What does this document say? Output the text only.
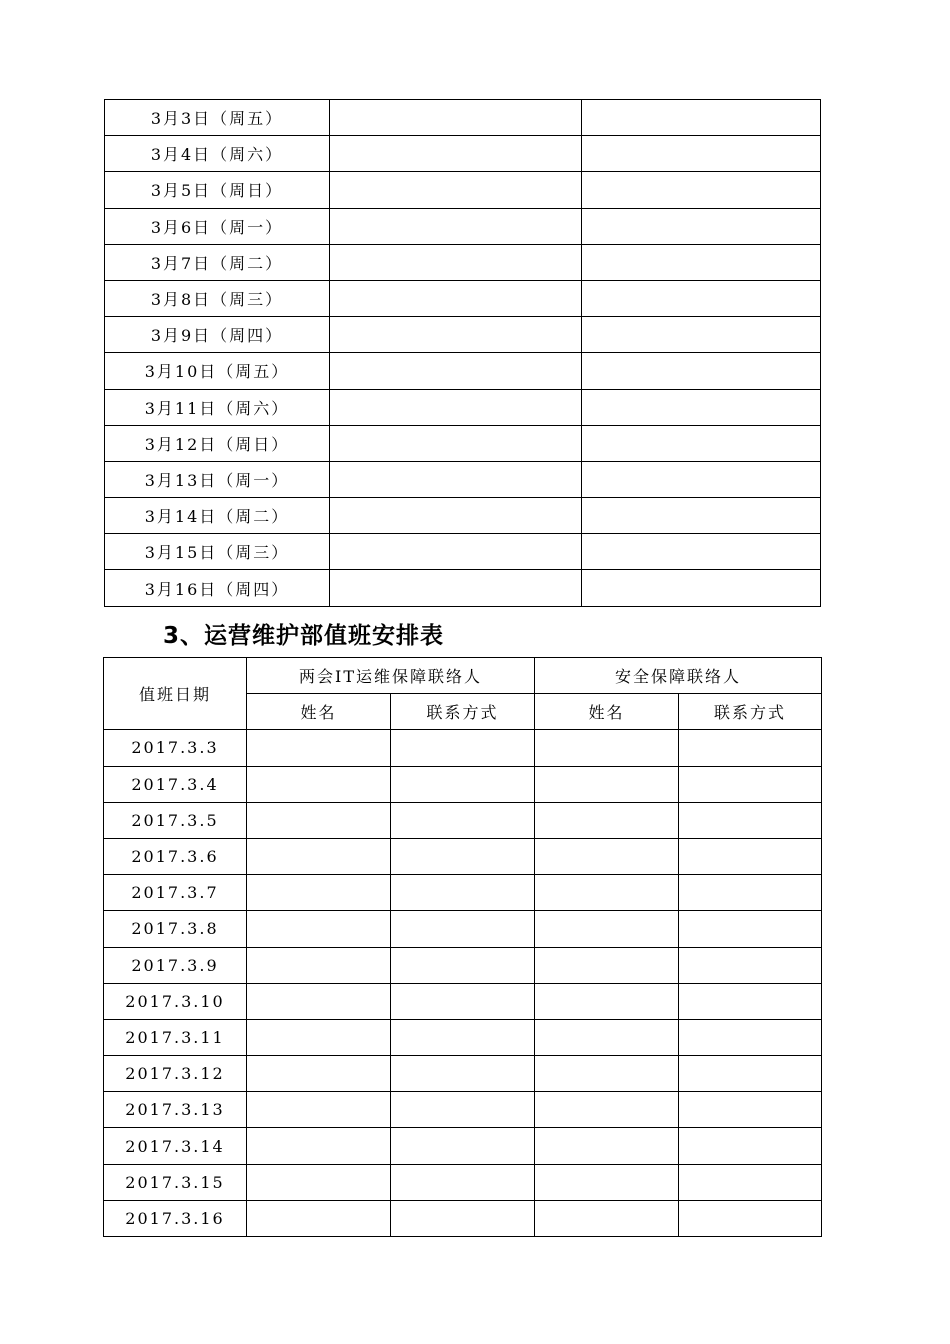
3月3日（周五）		
3月4日（周六）		
3月5日（周日）		
3月6日（周一）		
3月7日（周二）		
3月8日（周三）		
3月9日（周四）		
3月10日（周五）		
3月11日（周六）		
3月12日（周日）		
3月13日（周一）		
3月14日（周二）		
3月15日（周三）		
3月16日（周四）		
3、运营维护部值班安排表
值班日期	两会IT运维保障联络人		安全保障联络人	
	姓名	联系方式	姓名	联系方式
2017.3.3				
2017.3.4				
2017.3.5				
2017.3.6				
2017.3.7				
2017.3.8				
2017.3.9				
2017.3.10				
2017.3.11				
2017.3.12				
2017.3.13				
2017.3.14				
2017.3.15				
2017.3.16				
